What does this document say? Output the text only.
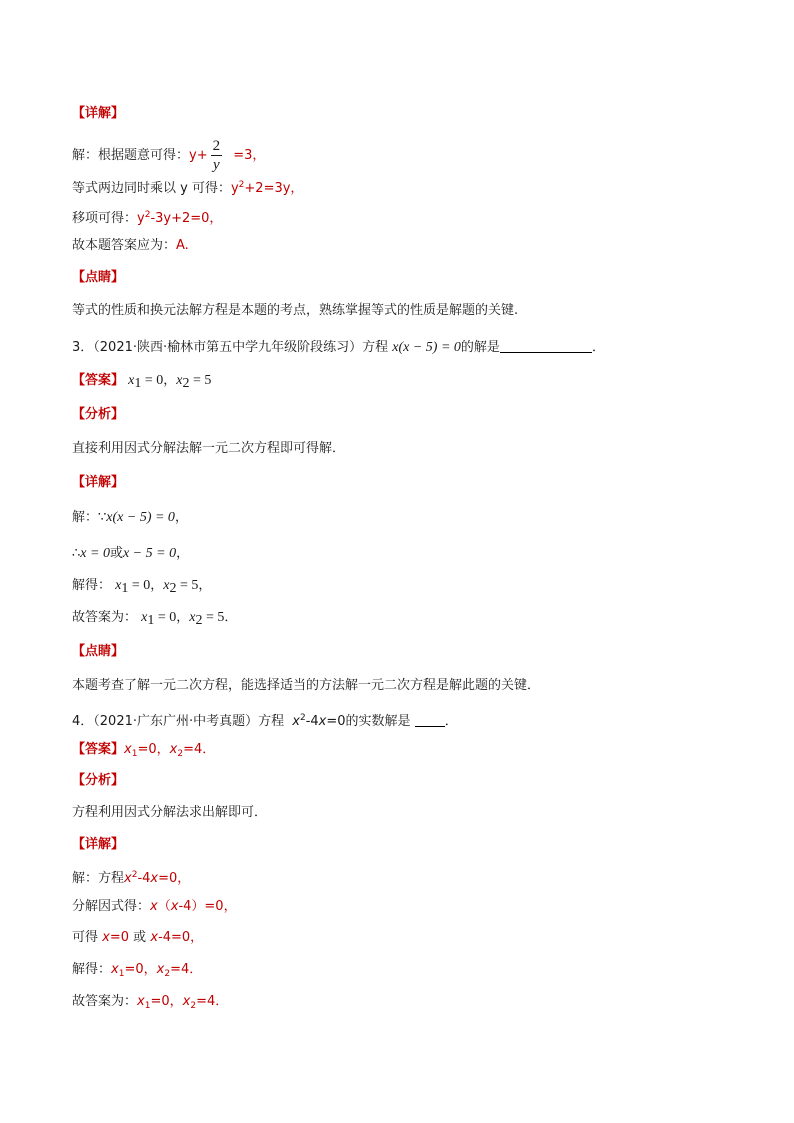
【详解】
解：根据题意可得：$y+ \frac{2}{y} =3$，
等式两边同时乘以 y 可得：$y^2+2=3y$，
移项可得：$y^2-3y+2=0$，
故本题答案应为：A.
【点睛】
等式的性质和换元法解方程是本题的考点，熟练掌握等式的性质是解题的关键.
3．（2021·陕西·榆林市第五中学九年级阶段练习）方程 x(x − 5) = 0的解是	．
【答案】 $x_1 = 0$，$x_2 = 5$
【分析】
直接利用因式分解法解一元二次方程即可得解．
【详解】
解：∵x(x − 5) = 0，
∴x = 0或x − 5 = 0，
解得： $x_1 = 0$，$x_2 = 5$，
故答案为： $x_1 = 0$，$x_2 = 5$．
【点睛】
本题考查了解一元二次方程，能选择适当的方法解一元二次方程是解此题的关键．
4．（2021·广东广州·中考真题）方程 $x^2-4x=0$的实数解是	．
【答案】$x_1=0$，$x_2=4$．
【分析】
方程利用因式分解法求出解即可．
【详解】
解：方程$x^2-4x=0$，
分解因式得：x（x-4）=0，
可得 x=0 或 x-4=0，
解得：$x_1=0$，$x_2=4$．
故答案为：$x_1=0$，$x_2=4$．
